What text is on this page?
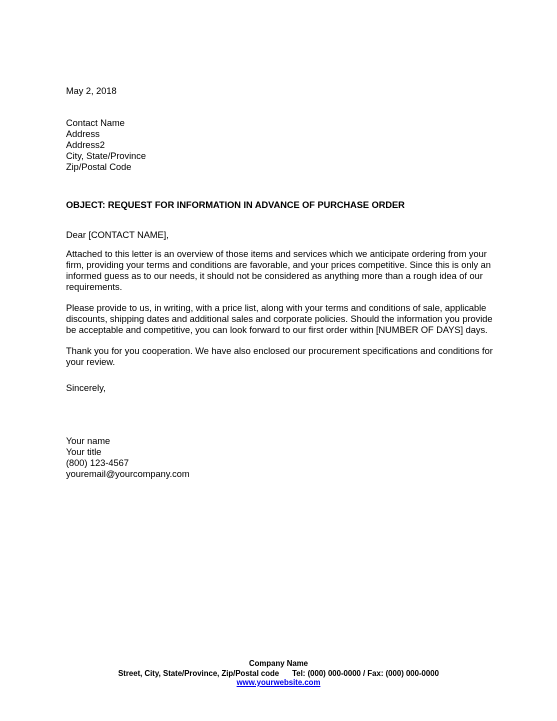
May 2, 2018
Contact Name
Address
Address2
City, State/Province
Zip/Postal Code
OBJECT: REQUEST FOR INFORMATION IN ADVANCE OF PURCHASE ORDER
Dear [CONTACT NAME],
Attached to this letter is an overview of those items and services which we anticipate ordering from your firm, providing your terms and conditions are favorable, and your prices competitive. Since this is only an informed guess as to our needs, it should not be considered as anything more than a rough idea of our requirements.
Please provide to us, in writing, with a price list, along with your terms and conditions of sale, applicable discounts, shipping dates and additional sales and corporate policies. Should the information you provide be acceptable and competitive, you can look forward to our first order within [NUMBER OF DAYS] days.
Thank you for you cooperation. We have also enclosed our procurement specifications and conditions for your review.
Sincerely,
Your name
Your title
(800) 123-4567
youremail@yourcompany.com
Company Name
Street, City, State/Province, Zip/Postal code Tel: (000) 000-0000 / Fax: (000) 000-0000
www.yourwebsite.com
